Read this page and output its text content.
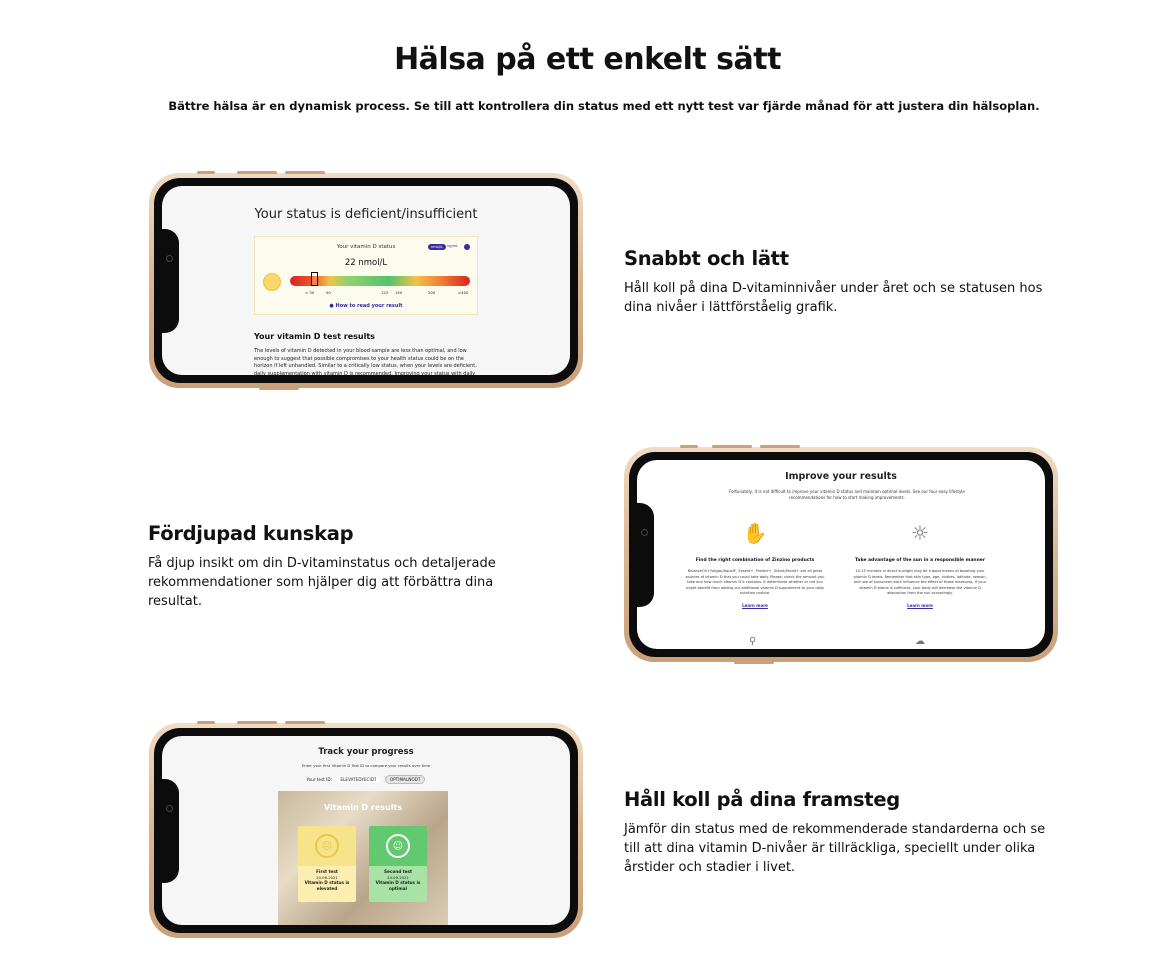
Hälsa på ett enkelt sätt

Bättre hälsa är en dynamisk process. Se till att kontrollera din status med ett nytt test var fjärde månad för att justera din hälsoplan.

Your status is deficient/insufficient
Your vitamin D status	nmol/L	ng/mL
22 nmol/L
< 30	50	125 150	200	>400
● How to read your result
Your vitamin D test results
The levels of vitamin D detected in your blood sample are less than optimal, and low enough to suggest that possible compromises to your health status could be on the horizon if left unhandled. Similar to a critically low status, when your levels are deficient, daily supplementation with vitamin D is recommended. Improving your status with daily
Snabbt och lätt
Håll koll på dina D-vitaminnivåer under året och se statusen hos dina nivåer i lättförståelig grafik.
Fördjupad kunskap
Få djup insikt om din D-vitaminstatus och detaljerade rekommendationer som hjälper dig att förbättra dina resultat.
Improve your results
Fortunately, it is not difficult to improve your vitamin D status and maintain optimal levels. See our four easy lifestyle recommendations for how to start making improvements.
✋
Find the right combination of Zinzino products
BalanceOil+/Vegan/Aqua®, Essent+, Protect+, Xtend/Xtend+ are all great sources of vitamin D that you could take daily. Please, check the amount you take and how much vitamin D it contains. It determines whether or not you might benefit from adding our additional vitamin D supplement to your daily nutrition routine.
Learn more
☼
Take advantage of the sun in a responsible manner
10-15 minutes in direct sunlight may be a good means of boosting your vitamin D levels. Remember that skin type, age, clothes, latitude, season, and use of sunscreen each influence the effect of these measures. If your vitamin D status is sufficient, your body will decrease the vitamin D absorption from the sun accordingly.
Learn more
⚲	☁
Track your progress
Enter your first Vitamin D Test ID to compare your results over time
Your test ID: ELEVATEDYECIDT	OPTIMALNODT
Vitamin D results
☹
First test
24.06.2021
Vitamin D status is elevated
☺
Second test
24.09.2021
Vitamin D status is optimal
Håll koll på dina framsteg
Jämför din status med de rekommenderade standarderna och se till att dina vitamin D-nivåer är tillräckliga, speciellt under olika årstider och stadier i livet.
